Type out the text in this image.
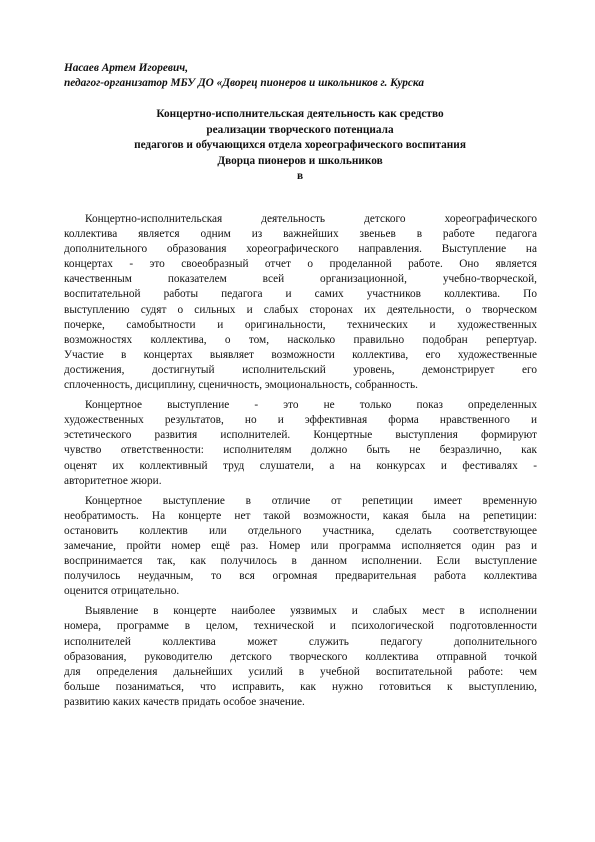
Насаев Артем Игоревич,
педагог-организатор МБУ ДО «Дворец пионеров и школьников г. Курска
Концертно-исполнительская деятельность как средство
реализации творческого потенциала
педагогов и обучающихся отдела хореографического воспитания
Дворца пионеров и школьников
в
Концертно-исполнительская деятельность детского хореографического
коллектива является одним из важнейших звеньев в работе педагога
дополнительного образования хореографического направления. Выступление на
концертах - это своеобразный отчет о проделанной работе. Оно является
качественным показателем всей организационной, учебно-творческой,
воспитательной работы педагога и самих участников коллектива. По
выступлению судят о сильных и слабых сторонах их деятельности, о творческом
почерке, самобытности и оригинальности, технических и художественных
возможностях коллектива, о том, насколько правильно подобран репертуар.
Участие в концертах выявляет возможности коллектива, его художественные
достижения, достигнутый исполнительский уровень, демонстрирует его
сплоченность, дисциплину, сценичность, эмоциональность, собранность.
Концертное выступление - это не только показ определенных
художественных результатов, но и эффективная форма нравственного и
эстетического развития исполнителей. Концертные выступления формируют
чувство ответственности: исполнителям должно быть не безразлично, как
оценят их коллективный труд слушатели, а на конкурсах и фестивалях -
авторитетное жюри.
Концертное выступление в отличие от репетиции имеет временную
необратимость. На концерте нет такой возможности, какая была на репетиции:
остановить коллектив или отдельного участника, сделать соответствующее
замечание, пройти номер ещё раз. Номер или программа исполняется один раз и
воспринимается так, как получилось в данном исполнении. Если выступление
получилось неудачным, то вся огромная предварительная работа коллектива
оценится отрицательно.
Выявление в концерте наиболее уязвимых и слабых мест в исполнении
номера, программе в целом, технической и психологической подготовленности
исполнителей коллектива может служить педагогу дополнительного
образования, руководителю детского творческого коллектива отправной точкой
для определения дальнейших усилий в учебной воспитательной работе: чем
больше позаниматься, что исправить, как нужно готовиться к выступлению,
развитию каких качеств придать особое значение.
